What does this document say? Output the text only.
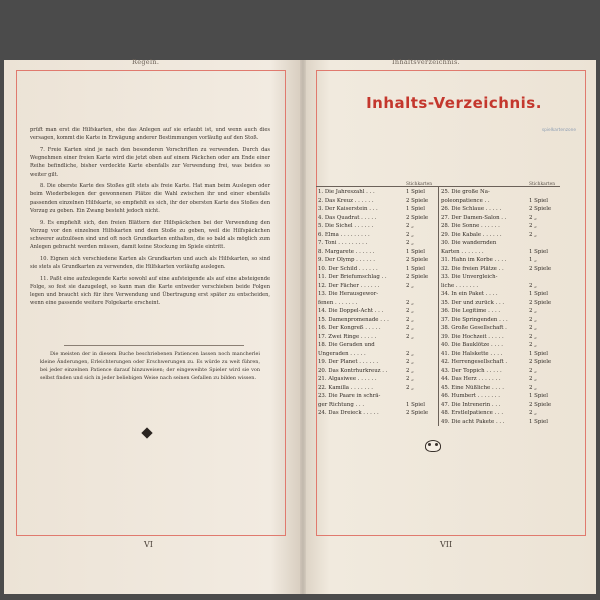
Regeln.

prüft man erst die Hilfskarten, ehe das Anlegen auf sie erlaubt ist, und wenn auch dies versagen, kommt die Karte in Erwägung anderer Bestimmungen vorläufig auf den Stoß.

7. Freie Karten sind je nach den besonderen Vorschriften zu verwenden. Durch das Wegnehmen einer freien Karte wird die jetzt oben auf einem Päckchen oder am Ende einer Reihe befindliche, bisher verdeckte Karte ebenfalls zur Verwendung frei, was beides so weiter gilt.

8. Die oberste Karte des Stoßes gilt stets als freie Karte. Hat man beim Auslegen oder beim Wiederbelegen der gewonnenen Plätze die Wahl zwischen ihr und einer ebenfalls passenden einzelnen Hilfskarte, so empfiehlt es sich, ihr der obersten Karte des Stoßes den Vorzug zu geben. Ein Zwang besteht jedoch nicht.

9. Es empfiehlt sich, den freien Blättern der Hilfspäckchen bei der Verwendung den Vorzug vor den einzelnen Hilfskarten und dem Stoße zu geben, weil die Hilfspäckchen schwerer aufzulösen sind und oft noch Grundkarten enthalten, die so bald als möglich zum Anlegen gebracht werden müssen, damit keine Stockung im Spiele eintritt.

10. Eignen sich verschiedene Karten als Grundkarten und auch als Hilfskarten, so sind sie stets als Grundkarten zu verwenden, die Hilfskarten vorläufig auslegen.

11. Paßt eine aufzulegende Karte sowohl auf eine aufsteigende als auf eine absteigende Folge, so fest sie dazugelegt, so kann man die Karte entweder verschieben beide Folgen legen und braucht sich für ihre Verwendung und Übertragung erst später zu entscheiden, wenn eine passende weitere Folgekarte erscheint.

Die meisten der in diesem Buche beschriebenen Patiencen lassen noch mancherlei kleine Änderungen, Erleichterungen oder Erschwerungen zu. Es würde zu weit führen, bei jeder einzelnen Patience darauf hinzuweisen; der eingeweihte Spieler wird sie von selbst finden und sich in jeder beliebigen Weise nach seinen Gefallen zu bilden wissen.
VI
Inhaltsverzeichnis.
Inhalts-Verzeichnis.
spielkartenzone
Stichkarten	Stichkarten
1. Die Jahreszahl . . .	1 Spiel
2. Das Kreuz . . . . . .	2 Spiele
3. Der Kaiserstein . . .	1 Spiel
4. Das Quadrat . . . . .	2 Spiele
5. Die Sichel . . . . . .	2 „
6. Elma . . . . . . . . .	2 „
7. Toni . . . . . . . . .	2 „
8. Margarete . . . . . .	1 Spiel
9. Der Olymp . . . . . .	2 Spiele
10. Der Schild . . . . . .	1 Spiel
11. Der Briefumschlag . .	2 Spiele
12. Der Fächer . . . . . .	2 „
13. Die Herausgewor-
fenen . . . . . . .	2 „
14. Die Doppel-Acht . . .	2 „
15. Damenpromenade . . .	2 „
16. Der Kongreß . . . . .	2 „
17. Zwei Ringe . . . . .	2 „
18. Die Geraden und
Ungeraden . . . . .	2 „
19. Der Planet . . . . . .	2 „
20. Das Kontrhurkreuz . .	2 „
21. Algasiwee . . . . . .	2 „
22. Kamilla . . . . . . .	2 „
23. Die Paare in schrä-
ger Richtung . . .	1 Spiel
24. Das Dreieck . . . . .	2 Spiele
25. Die große Na-
poleonpatience . .	1 Spiel
26. Die Schlaue . . . . .	2 Spiele
27. Der Damen-Salon . .	2 „
28. Die Sonne . . . . . .	2 „
29. Die Kabale . . . . . .	2 „
30. Die wandernden
Karten . . . . . . .	1 Spiel
31. Hahn im Korbe . . . .	1 „
32. Die freien Plätze . .	2 Spiele
33. Die Unvergleich-
liche . . . . . . .	2 „
34. In ein Paket . . . .	1 Spiel
35. Der und zurück . . .	2 Spiele
36. Die Legitime . . . .	2 „
37. Die Springenden . . .	2 „
38. Große Gesellschaft .	2 „
39. Die Hochzeit . . . . .	2 „
40. Die Bauklötze . . . .	2 „
41. Die Halskette . . . .	1 Spiel
42. Herrengesellschaft .	2 Spiele
43. Der Toppich . . . . .	2 „
44. Das Herz . . . . . . .	2 „
45. Eine Nüßliche . . . .	2 „
46. Humbert . . . . . . .	1 Spiel
47. Die Intrenerin . . .	2 Spiele
48. Erstlelpatience . . .	2 „
49. Die acht Pakete . . .	1 Spiel
VII
